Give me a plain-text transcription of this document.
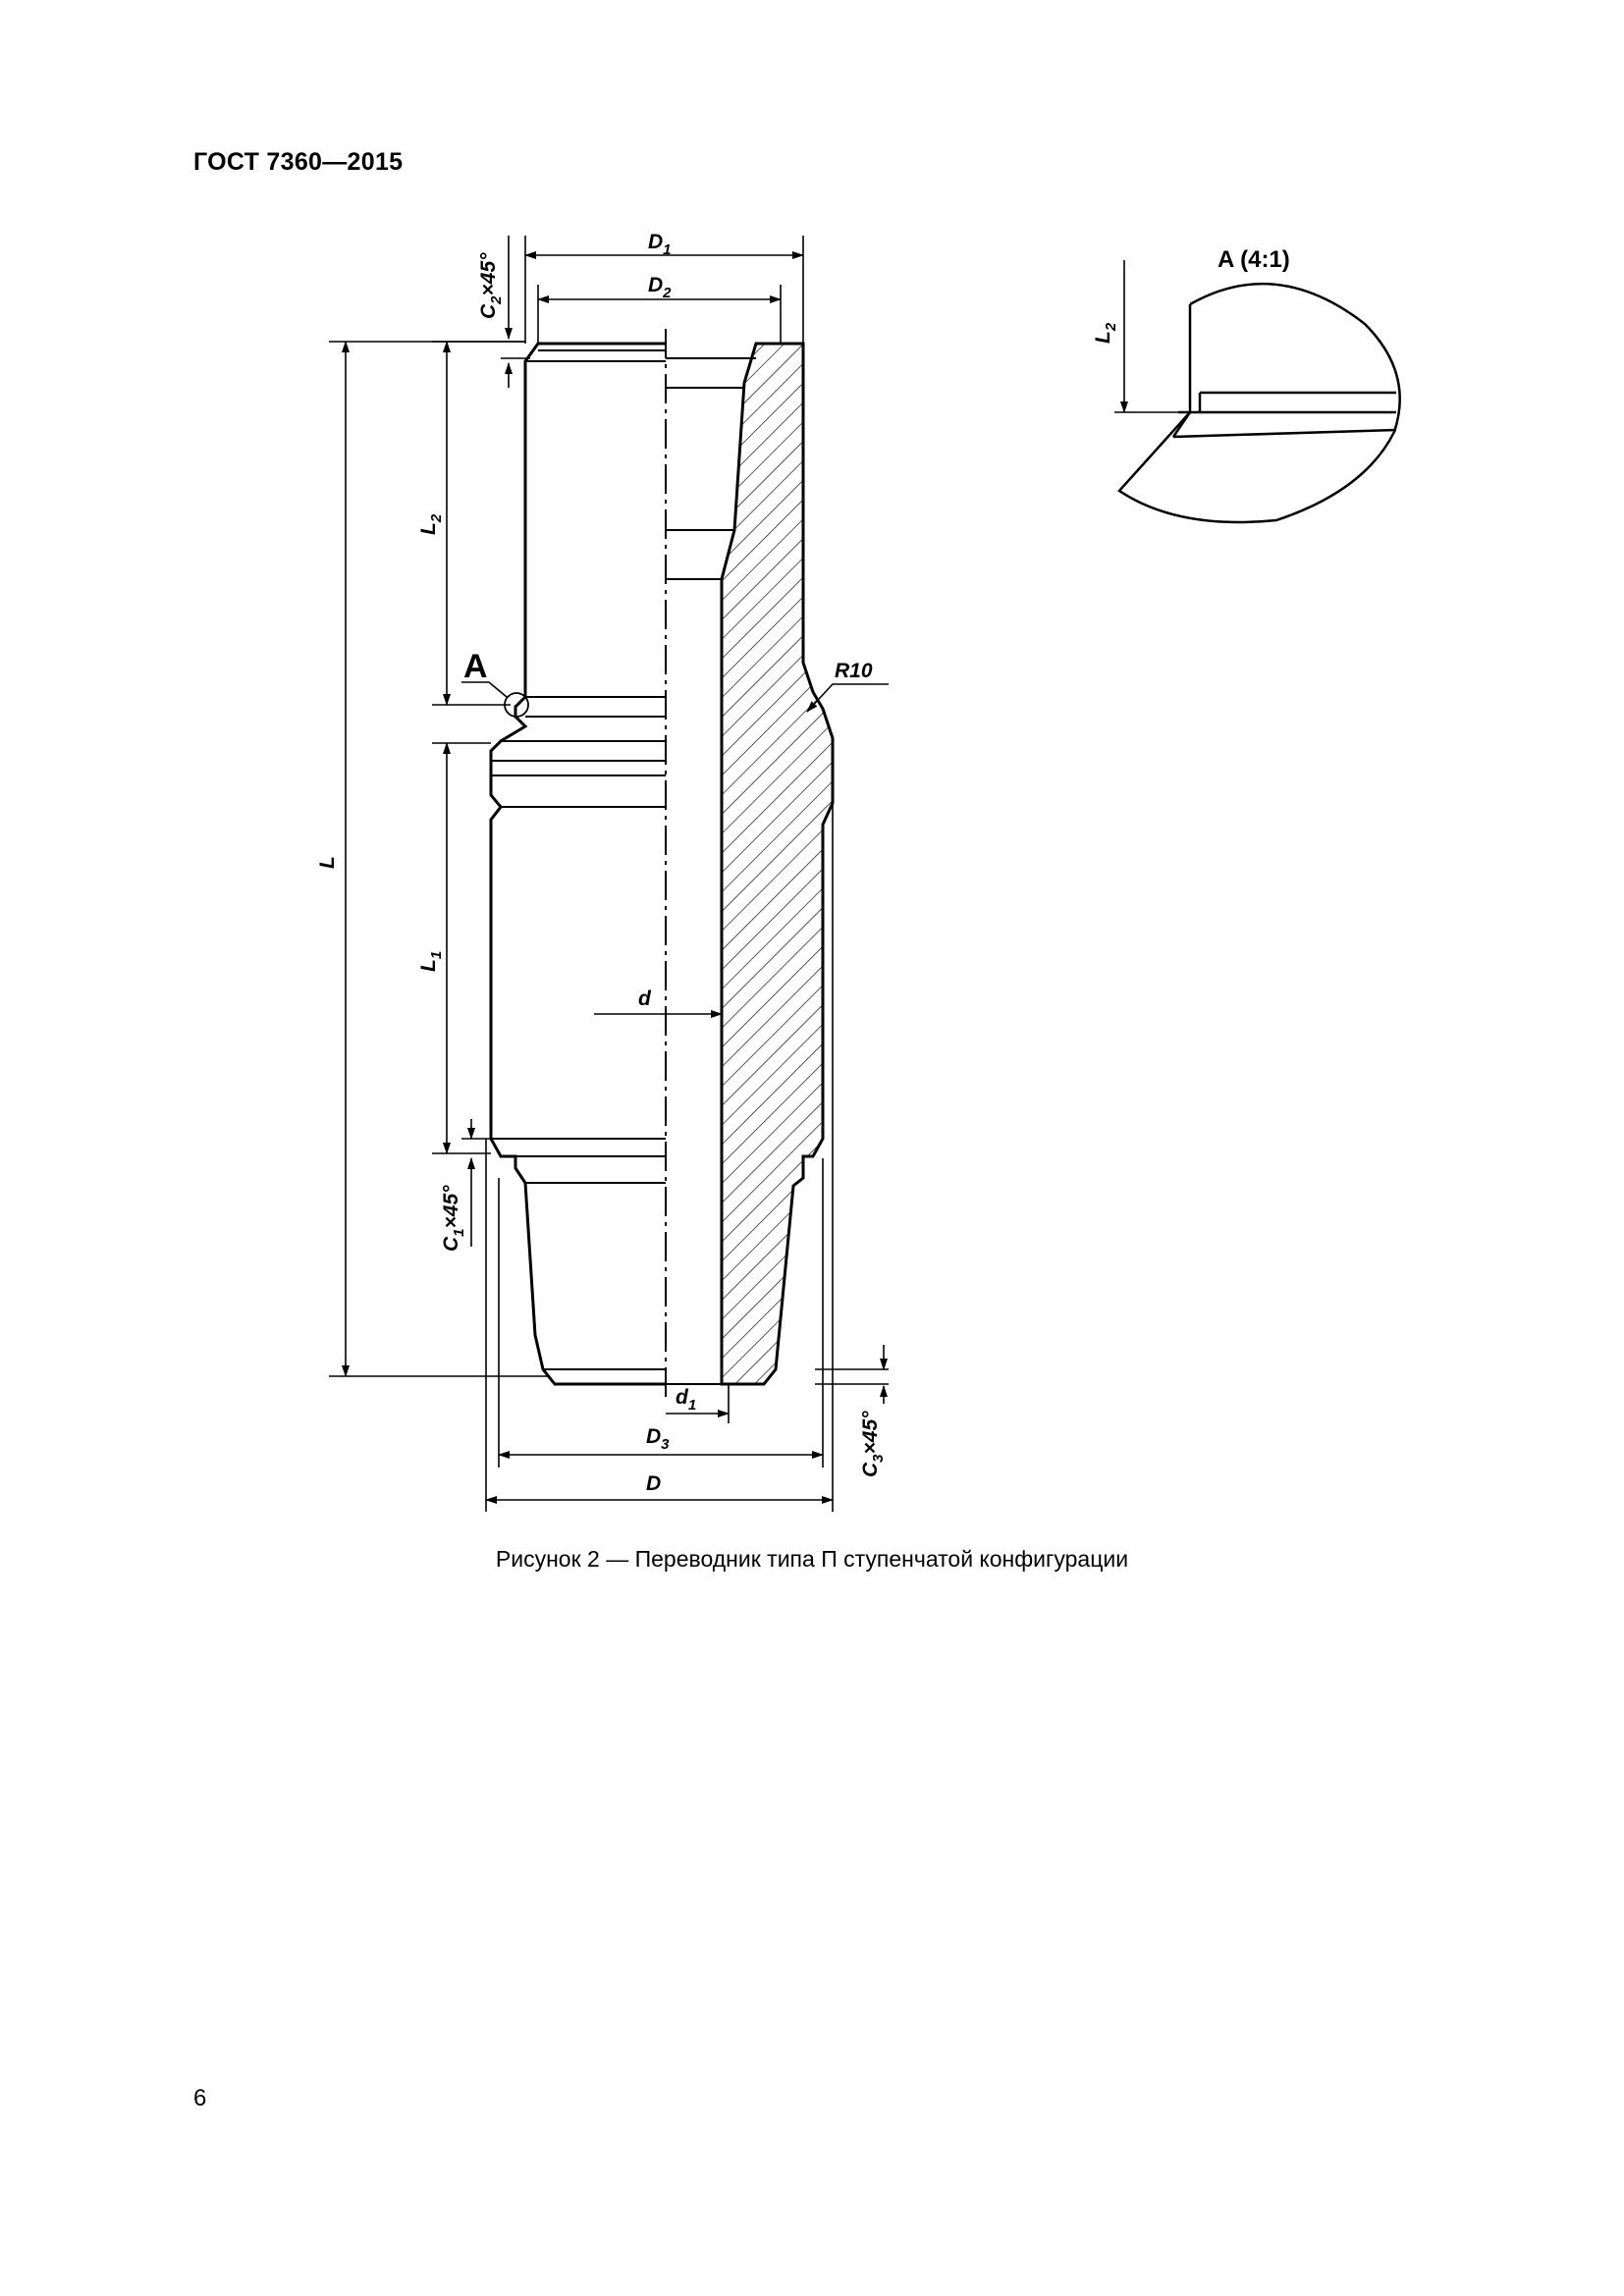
ГОСТ 7360—2015
$D_1$
$D_2$
$D_3$
D
d
$d_1$
L
$L_2$
$L_1$
$C_2\times 45^\circ$
$C_1\times 45^\circ$
$C_3\times 45^\circ$
R10
A
A (4:1)
$L_2$
Рисунок 2 — Переводник типа П ступенчатой конфигурации
6
